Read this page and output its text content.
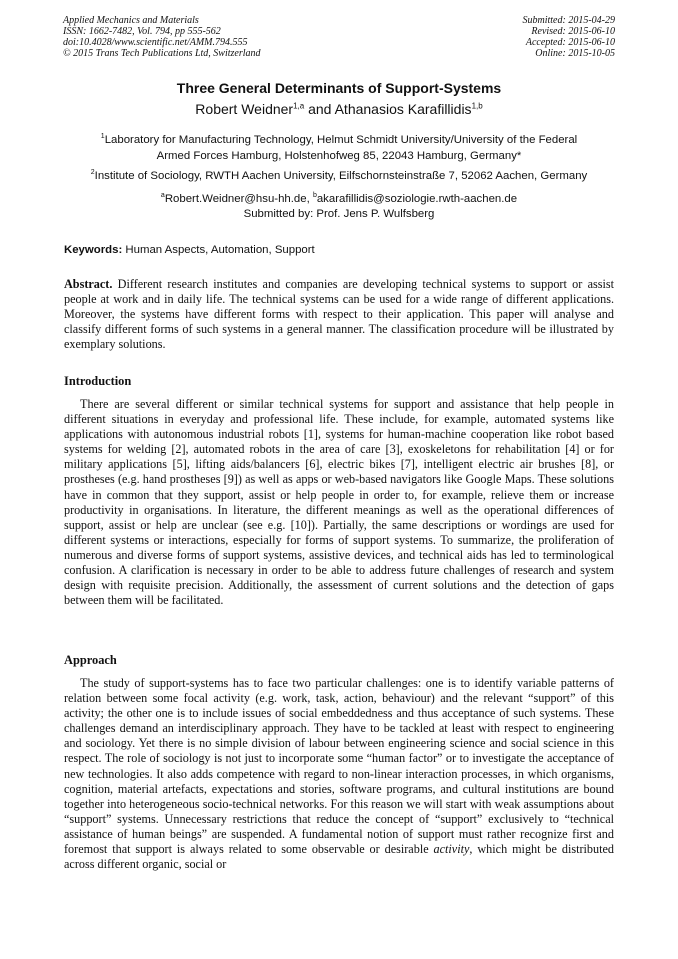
Applied Mechanics and Materials
ISSN: 1662-7482, Vol. 794, pp 555-562
doi:10.4028/www.scientific.net/AMM.794.555
© 2015 Trans Tech Publications Ltd, Switzerland
Submitted: 2015-04-29
Revised: 2015-06-10
Accepted: 2015-06-10
Online: 2015-10-05
Three General Determinants of Support-Systems
Robert Weidner$^{1,a}$ and Athanasios Karafillidis$^{1,b}$
$^1$Laboratory for Manufacturing Technology, Helmut Schmidt University/University of the Federal
Armed Forces Hamburg, Holstenhofweg 85, 22043 Hamburg, Germany*
$^2$Institute of Sociology, RWTH Aachen University, Eilfschornsteinstraße 7, 52062 Aachen, Germany
$^a$Robert.Weidner@hsu-hh.de, $^b$akarafillidis@soziologie.rwth-aachen.de
Submitted by: Prof. Jens P. Wulfsberg
Keywords: Human Aspects, Automation, Support

Abstract. Different research institutes and companies are developing technical systems to support or assist people at work and in daily life. The technical systems can be used for a wide range of different applications. Moreover, the systems have different forms with respect to their application. This paper will analyse and classify different forms of such systems in a general manner. The classification procedure will be illustrated by exemplary solutions.

Introduction

There are several different or similar technical systems for support and assistance that help people in different situations in everyday and professional life. These include, for example, automated systems like applications with autonomous industrial robots [1], systems for human-machine cooperation like robot based systems for welding [2], automated robots in the area of care [3], exoskeletons for rehabilitation [4] or for military applications [5], lifting aids/balancers [6], electric bikes [7], intelligent electric air brushes [8], or prostheses (e.g. hand prostheses [9]) as well as apps or web-based navigators like Google Maps. These solutions have in common that they support, assist or help people in order to, for example, relieve them or increase productivity in organisations. In literature, the different meanings as well as the operational differences of support, assist or help are unclear (see e.g. [10]). Partially, the same descriptions or wordings are used for different systems or interactions, especially for forms of support systems. To summarize, the proliferation of numerous and diverse forms of support systems, assistive devices, and technical aids has led to terminological confusion. A clarification is necessary in order to be able to address future challenges of research and system design with requisite precision. Additionally, the assessment of current solutions and the detection of gaps between them will be facilitated.

Approach

The study of support-systems has to face two particular challenges: one is to identify variable patterns of relation between some focal activity (e.g. work, task, action, behaviour) and the relevant “support” of this activity; the other one is to include issues of social embeddedness and thus acceptance of such systems. These challenges demand an interdisciplinary approach. They have to be tackled at least with respect to engineering and sociology. Yet there is no simple division of labour between engineering science and social science in this respect. The role of sociology is not just to incorporate some “human factor” or to investigate the acceptance of new technologies. It also adds competence with regard to non-linear interaction processes, in which organisms, cognition, material artefacts, expectations and stories, software programs, and cultural institutions are bound together into heterogeneous socio-technical networks. For this reason we will start with weak assumptions about “support” systems. Unnecessary restrictions that reduce the concept of “support” exclusively to “technical assistance of human beings” are suspended. A fundamental notion of support must rather recognize first and foremost that support is always related to some observable or desirable activity, which might be distributed across different organic, social or
